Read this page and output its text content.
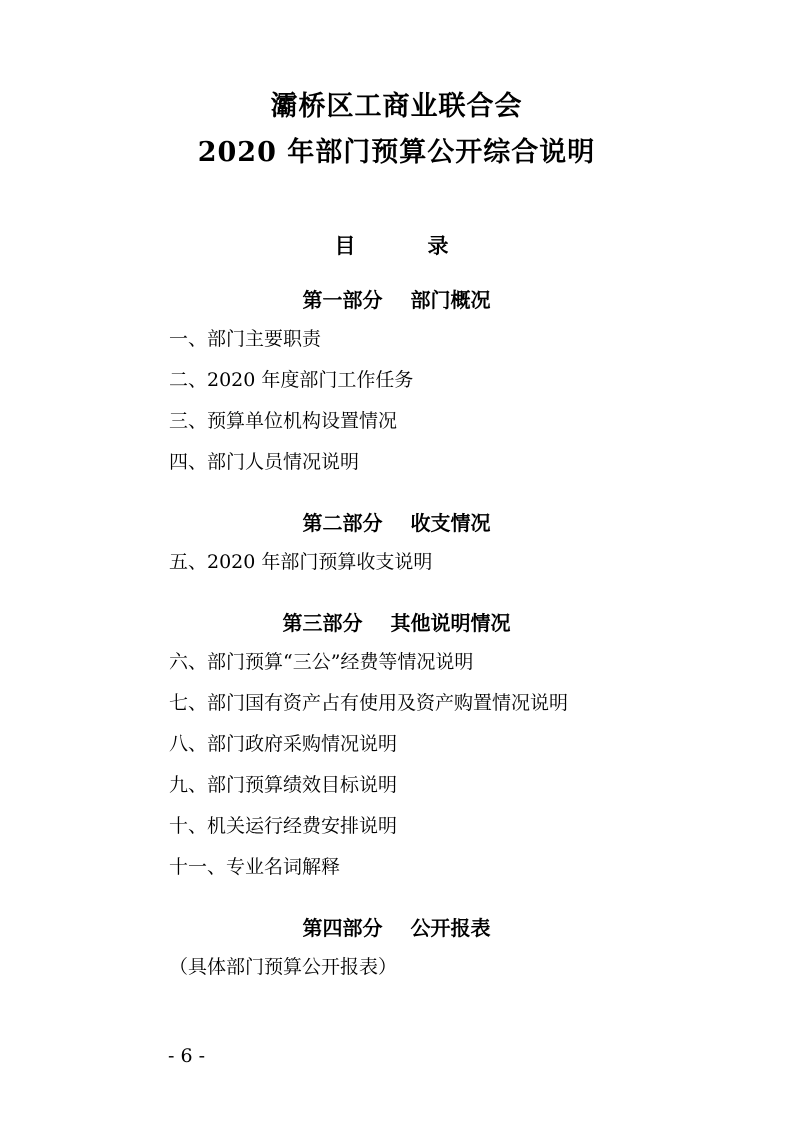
灞桥区工商业联合会
2020 年部门预算公开综合说明
目　　录
第一部分 部门概况
一、部门主要职责
二、2020 年度部门工作任务
三、预算单位机构设置情况
四、部门人员情况说明
第二部分 收支情况
五、2020 年部门预算收支说明
第三部分 其他说明情况
六、部门预算“三公”经费等情况说明
七、部门国有资产占有使用及资产购置情况说明
八、部门政府采购情况说明
九、部门预算绩效目标说明
十、机关运行经费安排说明
十一、专业名词解释
第四部分 公开报表
（具体部门预算公开报表）
- 6 -
